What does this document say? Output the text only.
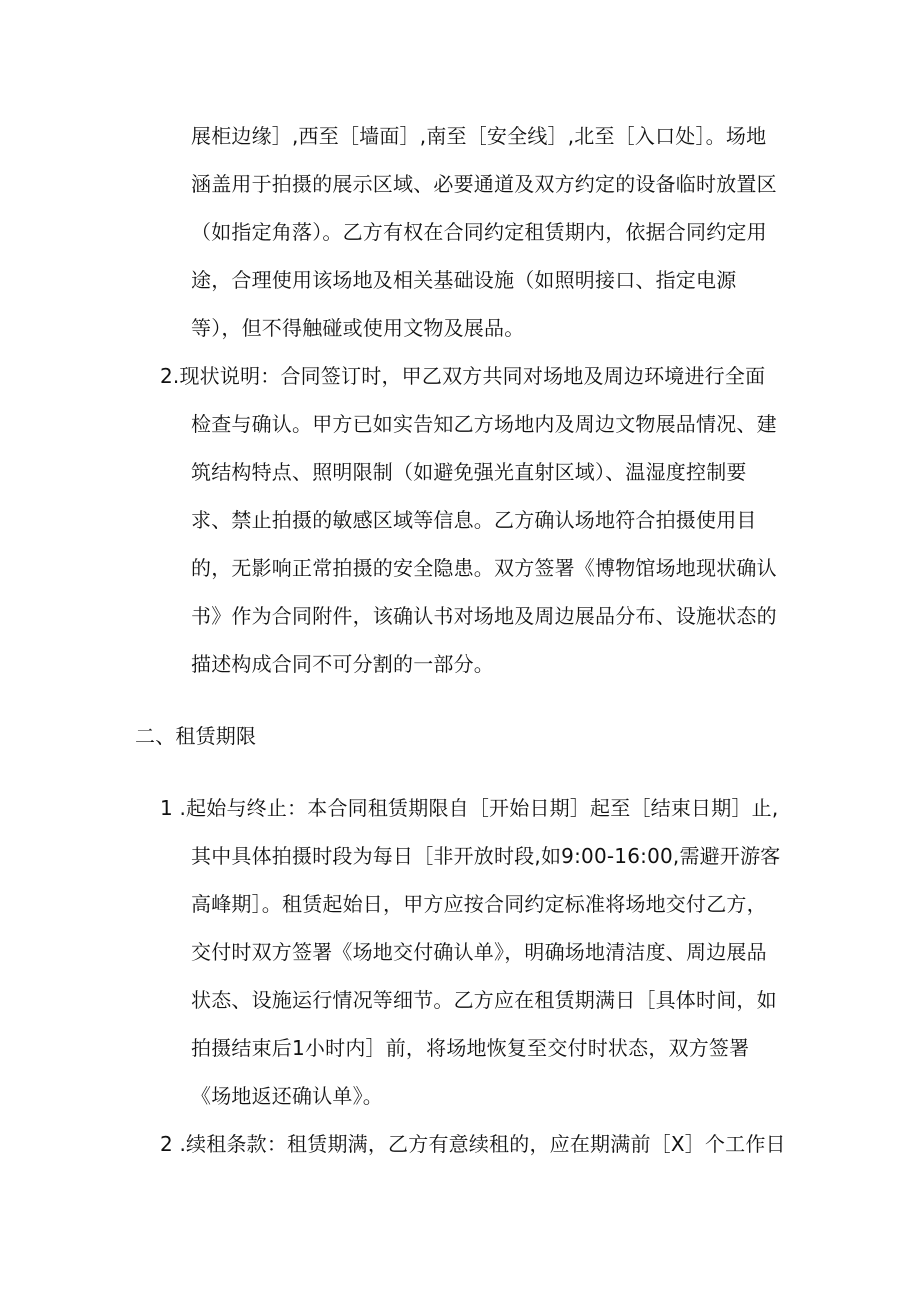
展柜边缘］,西至［墙面］,南至［安全线］,北至［入口处］。场地
涵盖用于拍摄的展示区域、必要通道及双方约定的设备临时放置区
（如指定角落）。乙方有权在合同约定租赁期内，依据合同约定用
途，合理使用该场地及相关基础设施（如照明接口、指定电源
等），但不得触碰或使用文物及展品。
2.现状说明：合同签订时，甲乙双方共同对场地及周边环境进行全面
检查与确认。甲方已如实告知乙方场地内及周边文物展品情况、建
筑结构特点、照明限制（如避免强光直射区域）、温湿度控制要
求、禁止拍摄的敏感区域等信息。乙方确认场地符合拍摄使用目
的，无影响正常拍摄的安全隐患。双方签署《博物馆场地现状确认
书》作为合同附件，该确认书对场地及周边展品分布、设施状态的
描述构成合同不可分割的一部分。
二、租赁期限
1 .起始与终止：本合同租赁期限自［开始日期］起至［结束日期］止,
其中具体拍摄时段为每日［非开放时段,如9:00-16:00,需避开游客
高峰期］。租赁起始日，甲方应按合同约定标准将场地交付乙方，
交付时双方签署《场地交付确认单》，明确场地清洁度、周边展品
状态、设施运行情况等细节。乙方应在租赁期满日［具体时间，如
拍摄结束后1小时内］前，将场地恢复至交付时状态，双方签署
《场地返还确认单》。
2 .续租条款：租赁期满，乙方有意续租的，应在期满前［X］个工作日
